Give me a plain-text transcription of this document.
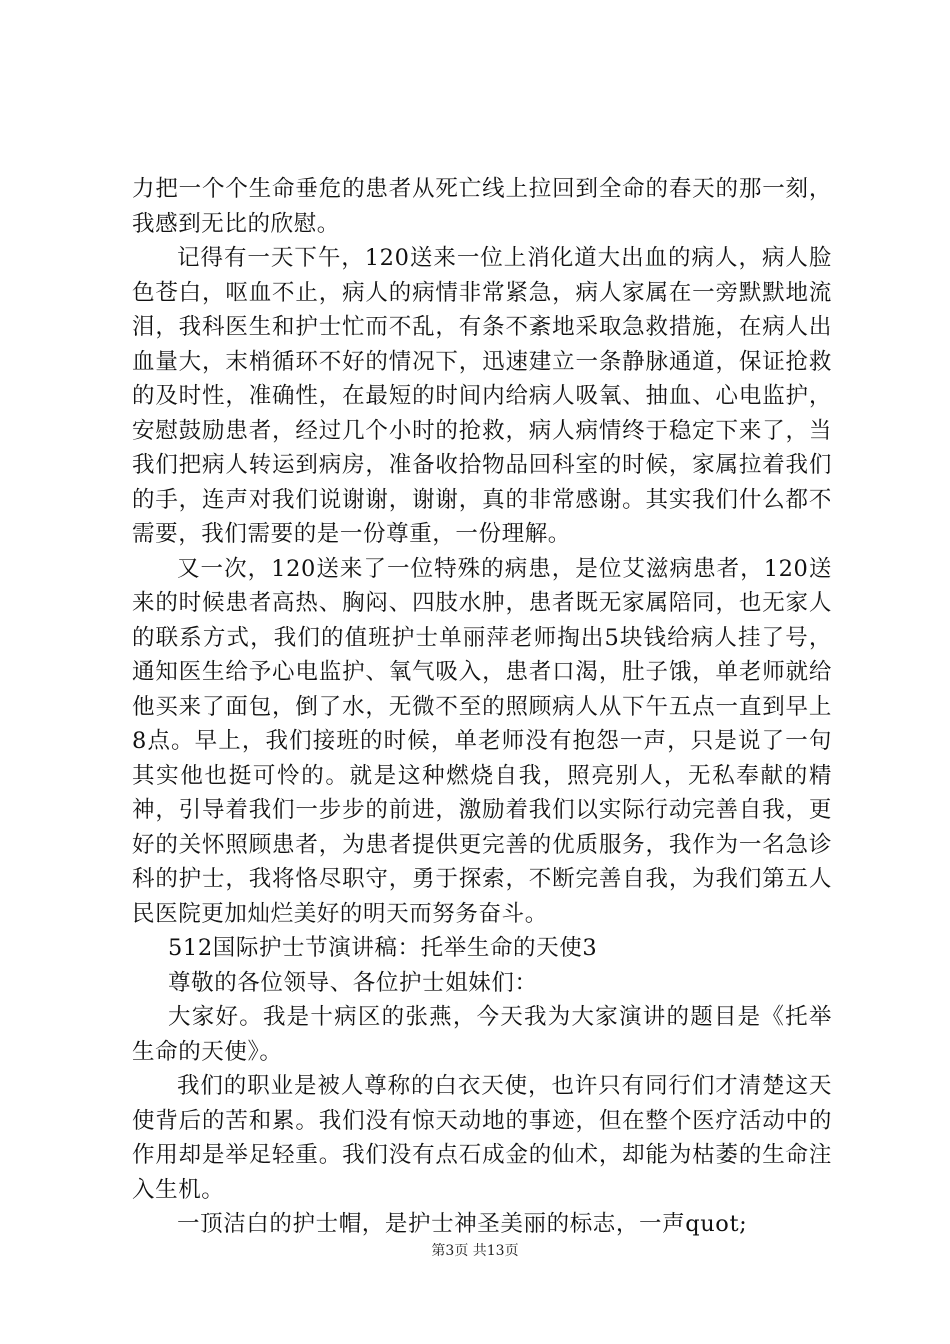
力把一个个生命垂危的患者从死亡线上拉回到全命的春天的那一刻，我感到无比的欣慰。

记得有一天下午，120送来一位上消化道大出血的病人，病人脸色苍白，呕血不止，病人的病情非常紧急，病人家属在一旁默默地流泪，我科医生和护士忙而不乱，有条不紊地采取急救措施，在病人出血量大，末梢循环不好的情况下，迅速建立一条静脉通道，保证抢救的及时性，准确性，在最短的时间内给病人吸氧、抽血、心电监护，安慰鼓励患者，经过几个小时的抢救，病人病情终于稳定下来了，当我们把病人转运到病房，准备收拾物品回科室的时候，家属拉着我们的手，连声对我们说谢谢，谢谢，真的非常感谢。其实我们什么都不需要，我们需要的是一份尊重，一份理解。

又一次，120送来了一位特殊的病患，是位艾滋病患者，120送来的时候患者高热、胸闷、四肢水肿，患者既无家属陪同，也无家人的联系方式，我们的值班护士单丽萍老师掏出5块钱给病人挂了号，通知医生给予心电监护、氧气吸入，患者口渴，肚子饿，单老师就给他买来了面包，倒了水，无微不至的照顾病人从下午五点一直到早上8点。早上，我们接班的时候，单老师没有抱怨一声，只是说了一句其实他也挺可怜的。就是这种燃烧自我，照亮别人，无私奉献的精神，引导着我们一步步的前进，激励着我们以实际行动完善自我，更好的关怀照顾患者，为患者提供更完善的优质服务，我作为一名急诊科的护士，我将恪尽职守，勇于探索，不断完善自我，为我们第五人民医院更加灿烂美好的明天而努务奋斗。

512国际护士节演讲稿：托举生命的天使3

尊敬的各位领导、各位护士姐妹们：

大家好。我是十病区的张燕，今天我为大家演讲的题目是《托举生命的天使》。

我们的职业是被人尊称的白衣天使，也许只有同行们才清楚这天使背后的苦和累。我们没有惊天动地的事迹，但在整个医疗活动中的作用却是举足轻重。我们没有点石成金的仙术，却能为枯萎的生命注入生机。

一顶洁白的护士帽，是护士神圣美丽的标志，一声quot;

第3页 共13页
